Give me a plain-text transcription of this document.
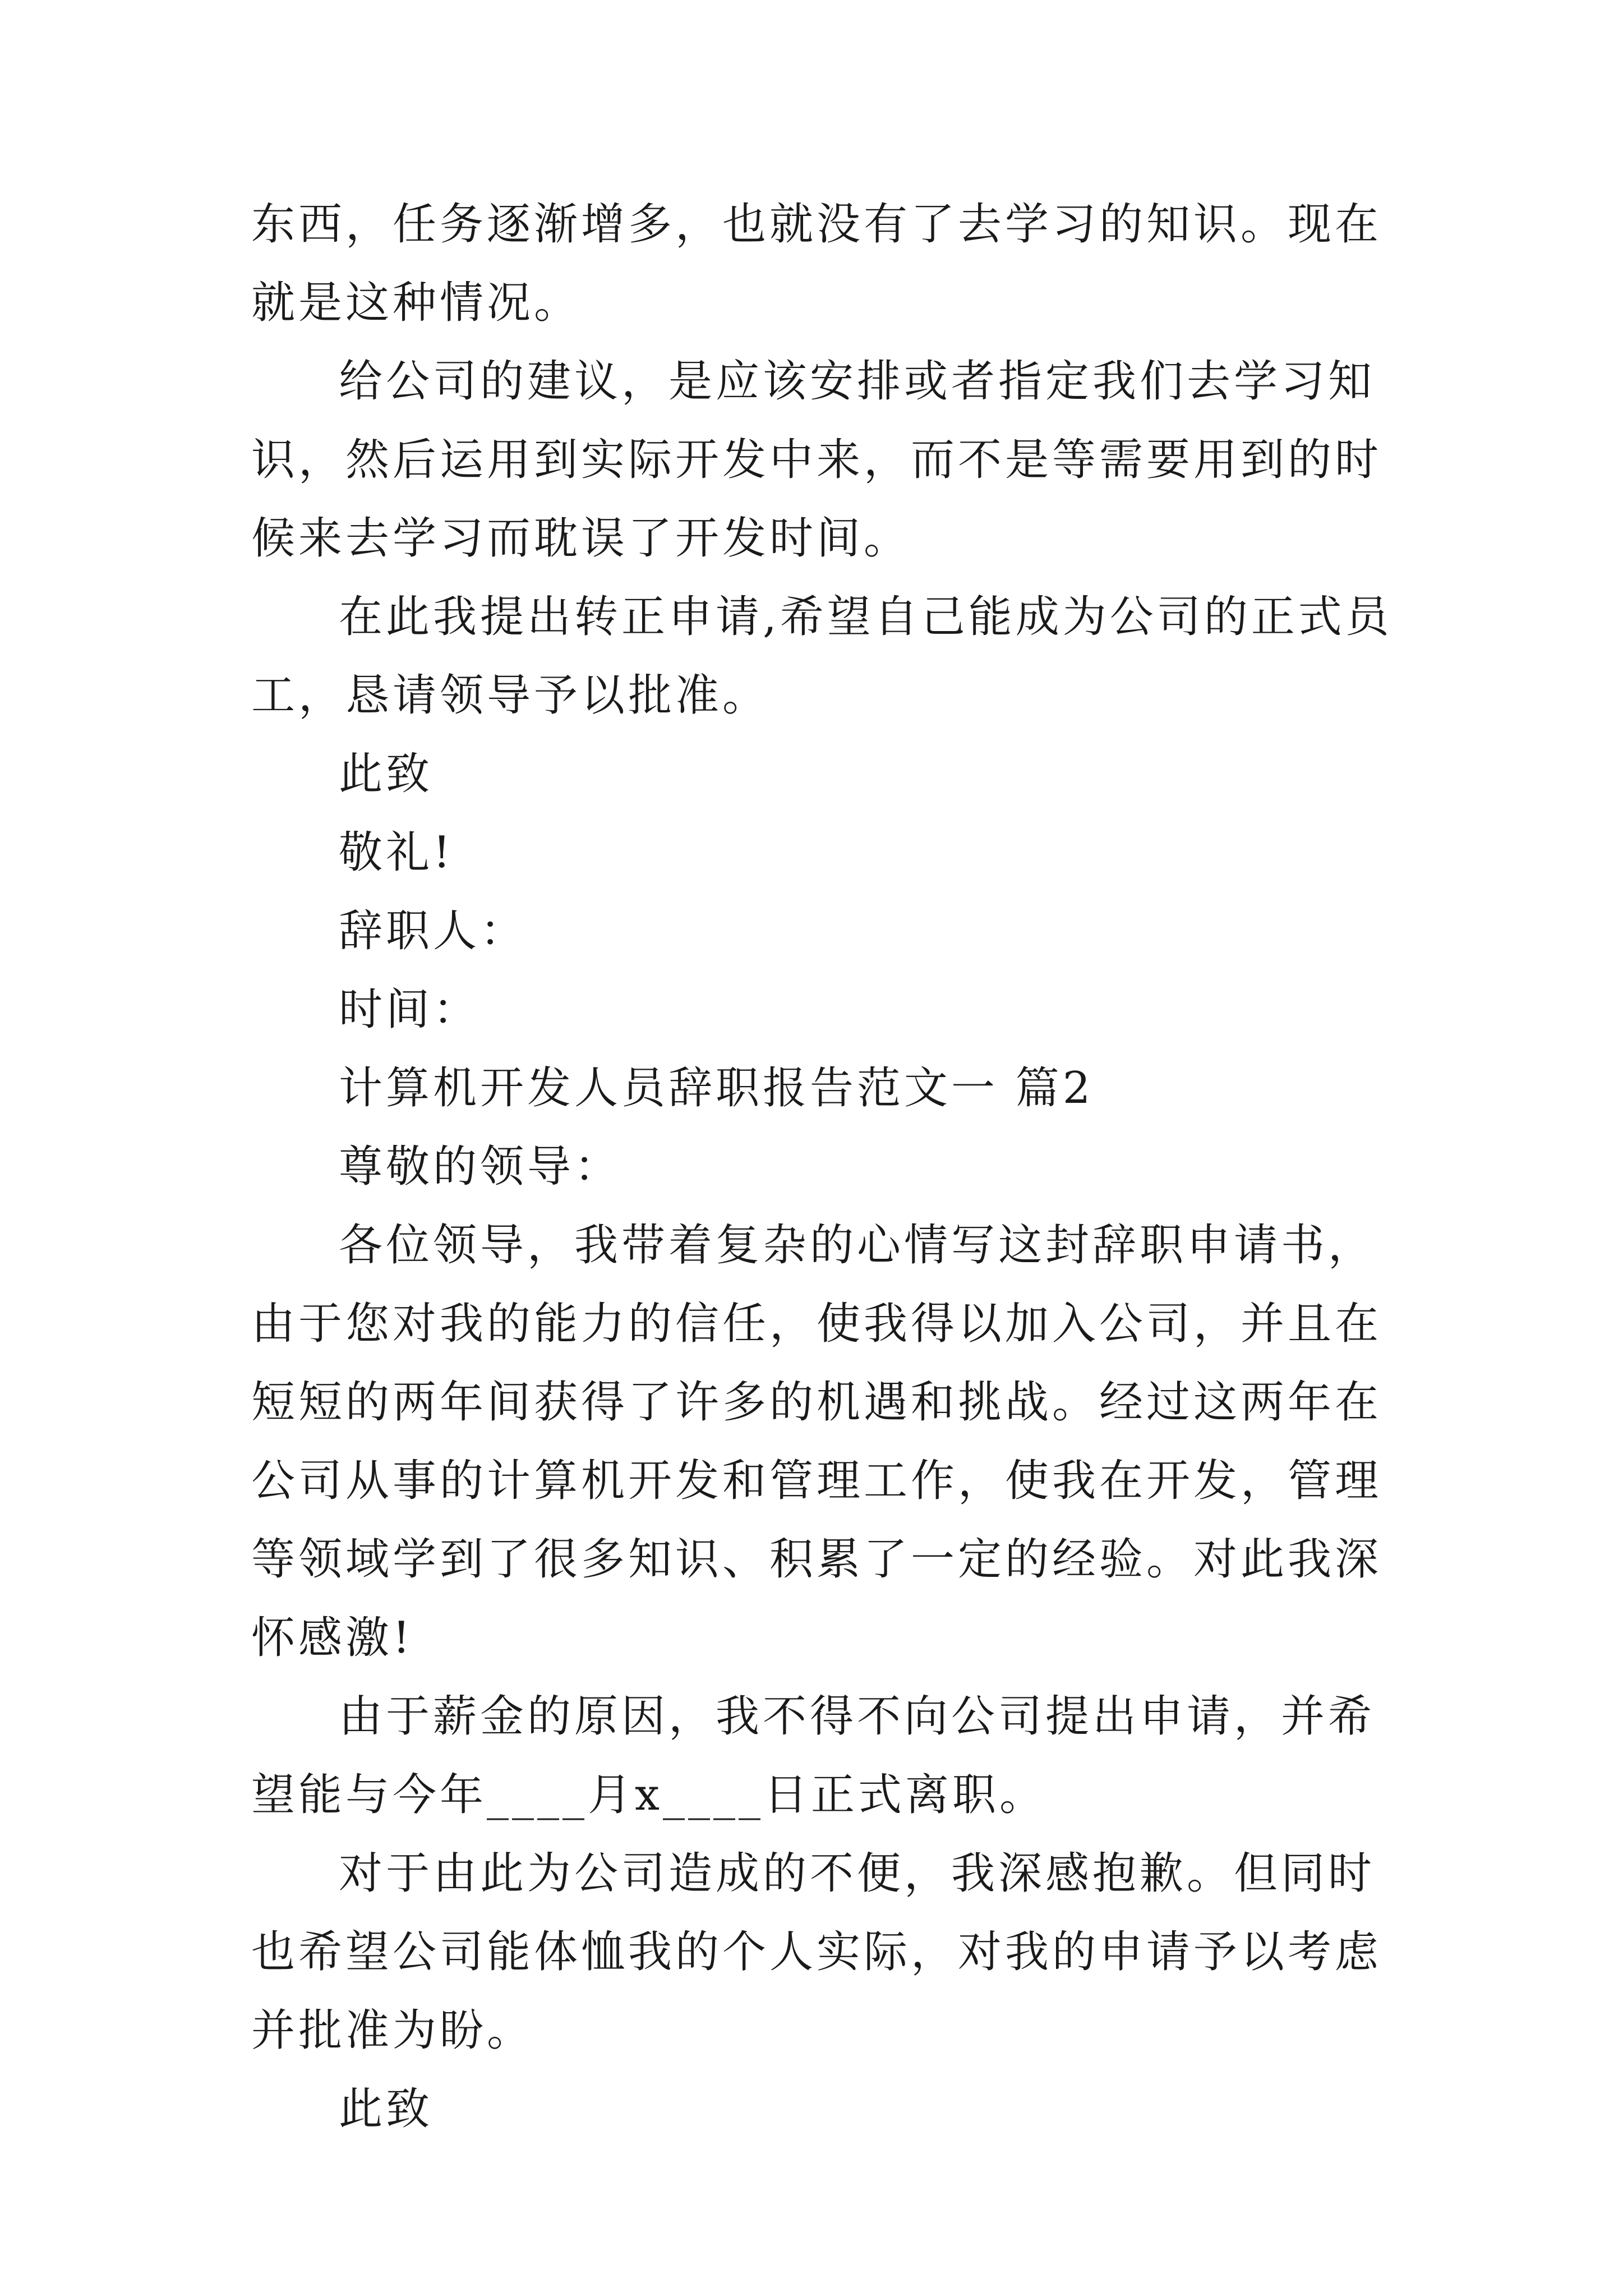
东西，任务逐渐增多，也就没有了去学习的知识。现在就是这种情况。

给公司的建议，是应该安排或者指定我们去学习知识，然后运用到实际开发中来，而不是等需要用到的时候来去学习而耽误了开发时间。

在此我提出转正申请,希望自己能成为公司的正式员工，恳请领导予以批准。

此致

敬礼!

辞职人：

时间：

计算机开发人员辞职报告范文一 篇2

尊敬的领导：

各位领导，我带着复杂的心情写这封辞职申请书，由于您对我的能力的信任，使我得以加入公司，并且在短短的两年间获得了许多的机遇和挑战。经过这两年在公司从事的计算机开发和管理工作，使我在开发，管理等领域学到了很多知识、积累了一定的经验。对此我深怀感激!

由于薪金的原因，我不得不向公司提出申请，并希望能与今年____月x____日正式离职。

对于由此为公司造成的不便，我深感抱歉。但同时也希望公司能体恤我的个人实际，对我的申请予以考虑并批准为盼。

此致
